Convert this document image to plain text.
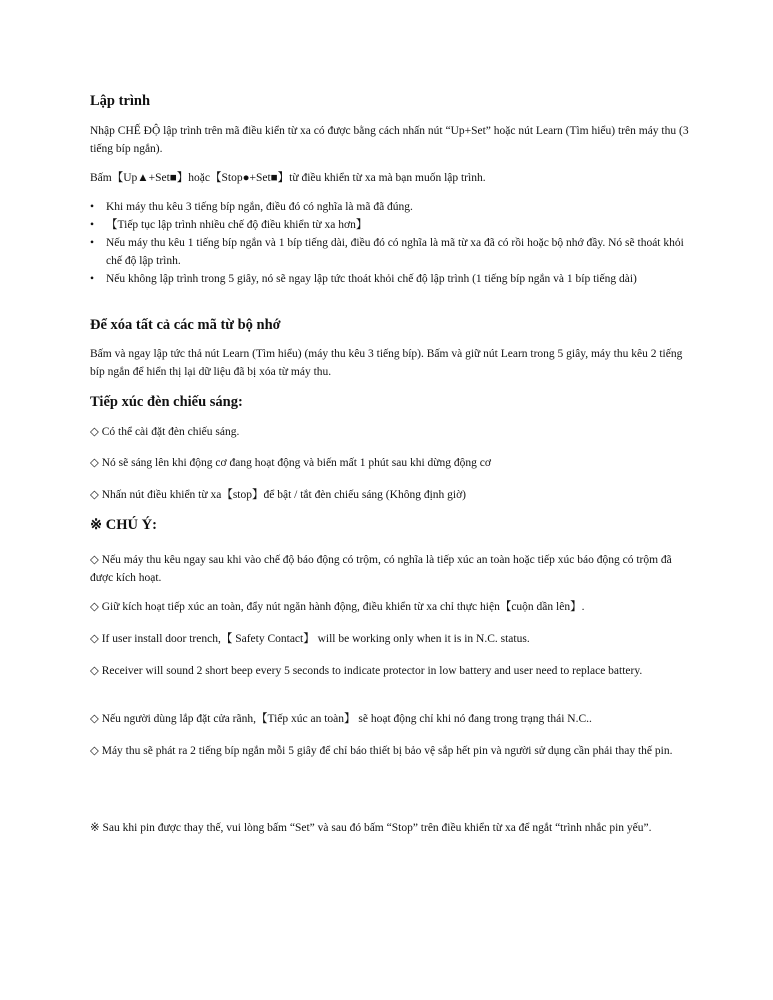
Lập trình

Nhập CHẾ ĐỘ lập trình trên mã điều kiển từ xa có được bằng cách nhấn nút “Up+Set” hoặc nút Learn (Tìm hiểu) trên máy thu (3 tiếng bíp ngắn).

Bấm【Up▲+Set■】hoặc【Stop●+Set■】từ điều khiển từ xa mà bạn muốn lập trình.

• Khi máy thu kêu 3 tiếng bíp ngắn, điều đó có nghĩa là mã đã đúng.
• 【Tiếp tục lập trình nhiều chế độ điều khiển từ xa hơn】
• Nếu máy thu kêu 1 tiếng bíp ngắn và 1 bíp tiếng dài, điều đó có nghĩa là mã từ xa đã có rồi hoặc bộ nhớ đầy. Nó sẽ thoát khỏi chế độ lập trình.
• Nếu không lập trình trong 5 giây, nó sẽ ngay lập tức thoát khỏi chế độ lập trình (1 tiếng bíp ngắn và 1 bíp tiếng dài)
Để xóa tất cả các mã từ bộ nhớ

Bấm và ngay lập tức thả nút Learn (Tìm hiểu) (máy thu kêu 3 tiếng bíp). Bấm và giữ nút Learn trong 5 giây, máy thu kêu 2 tiếng bíp ngắn để hiển thị lại dữ liệu đã bị xóa từ máy thu.

Tiếp xúc đèn chiếu sáng:

◇ Có thể cài đặt đèn chiếu sáng.

◇ Nó sẽ sáng lên khi động cơ đang hoạt động và biến mất 1 phút sau khi dừng động cơ

◇ Nhấn nút điều khiển từ xa【stop】để bật / tắt đèn chiếu sáng (Không định giờ)

※ CHÚ Ý:

◇ Nếu máy thu kêu ngay sau khi vào chế độ báo động có trộm, có nghĩa là tiếp xúc an toàn hoặc tiếp xúc báo động có trộm đã được kích hoạt.

◇ Giữ kích hoạt tiếp xúc an toàn, đẩy nút ngăn hành động, điều khiển từ xa chỉ thực hiện【cuộn dần lên】.

◇ If user install door trench,【 Safety Contact】 will be working only when it is in N.C. status.

◇ Receiver will sound 2 short beep every 5 seconds to indicate protector in low battery and user need to replace battery.

◇ Nếu người dùng lắp đặt cửa rãnh,【Tiếp xúc an toàn】 sẽ hoạt động chỉ khi nó đang trong trạng thái N.C..

◇ Máy thu sẽ phát ra 2 tiếng bíp ngắn mỗi 5 giây để chỉ báo thiết bị bảo vệ sắp hết pin và người sử dụng cần phải thay thế pin.

※ Sau khi pin được thay thế, vui lòng bấm “Set” và sau đó bấm “Stop” trên điều khiển từ xa để ngắt “trình nhắc pin yếu”.
